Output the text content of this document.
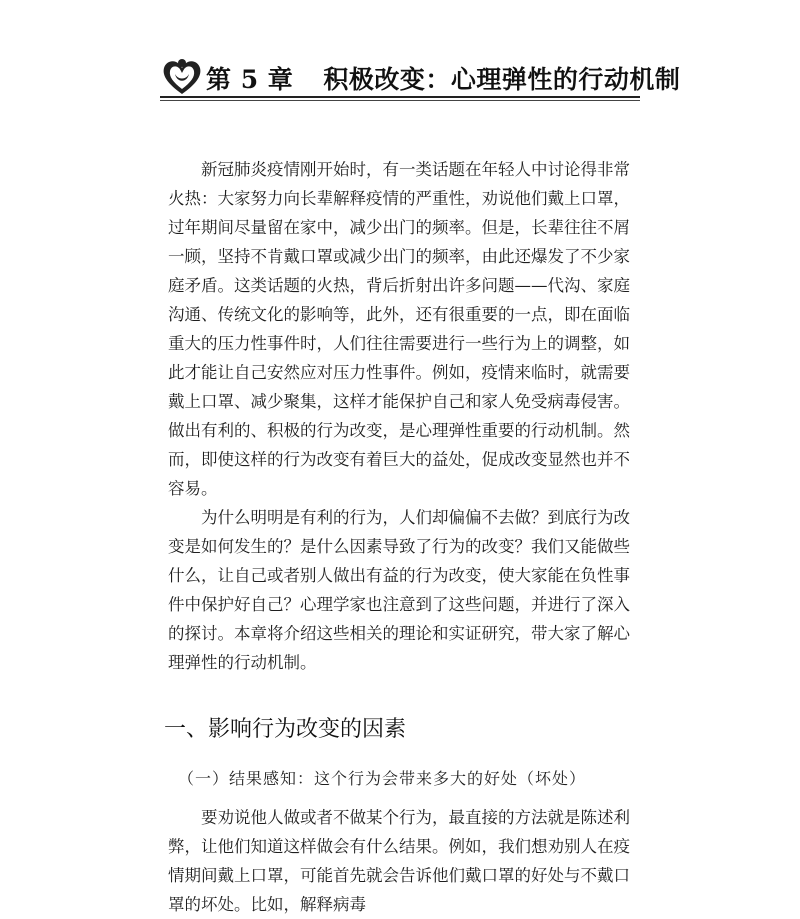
第 5 章 积极改变：心理弹性的行动机制

新冠肺炎疫情刚开始时，有一类话题在年轻人中讨论得非常火热：大家努力向长辈解释疫情的严重性，劝说他们戴上口罩，过年期间尽量留在家中，减少出门的频率。但是，长辈往往不屑一顾，坚持不肯戴口罩或减少出门的频率，由此还爆发了不少家庭矛盾。这类话题的火热，背后折射出许多问题——代沟、家庭沟通、传统文化的影响等，此外，还有很重要的一点，即在面临重大的压力性事件时，人们往往需要进行一些行为上的调整，如此才能让自己安然应对压力性事件。例如，疫情来临时，就需要戴上口罩、减少聚集，这样才能保护自己和家人免受病毒侵害。做出有利的、积极的行为改变，是心理弹性重要的行动机制。然而，即使这样的行为改变有着巨大的益处，促成改变显然也并不容易。

为什么明明是有利的行为，人们却偏偏不去做？到底行为改变是如何发生的？是什么因素导致了行为的改变？我们又能做些什么，让自己或者别人做出有益的行为改变，使大家能在负性事件中保护好自己？心理学家也注意到了这些问题，并进行了深入的探讨。本章将介绍这些相关的理论和实证研究，带大家了解心理弹性的行动机制。

一、影响行为改变的因素
（一）结果感知：这个行为会带来多大的好处（坏处）

要劝说他人做或者不做某个行为，最直接的方法就是陈述利弊，让他们知道这样做会有什么结果。例如，我们想劝别人在疫情期间戴上口罩，可能首先就会告诉他们戴口罩的好处与不戴口罩的坏处。比如，解释病毒
